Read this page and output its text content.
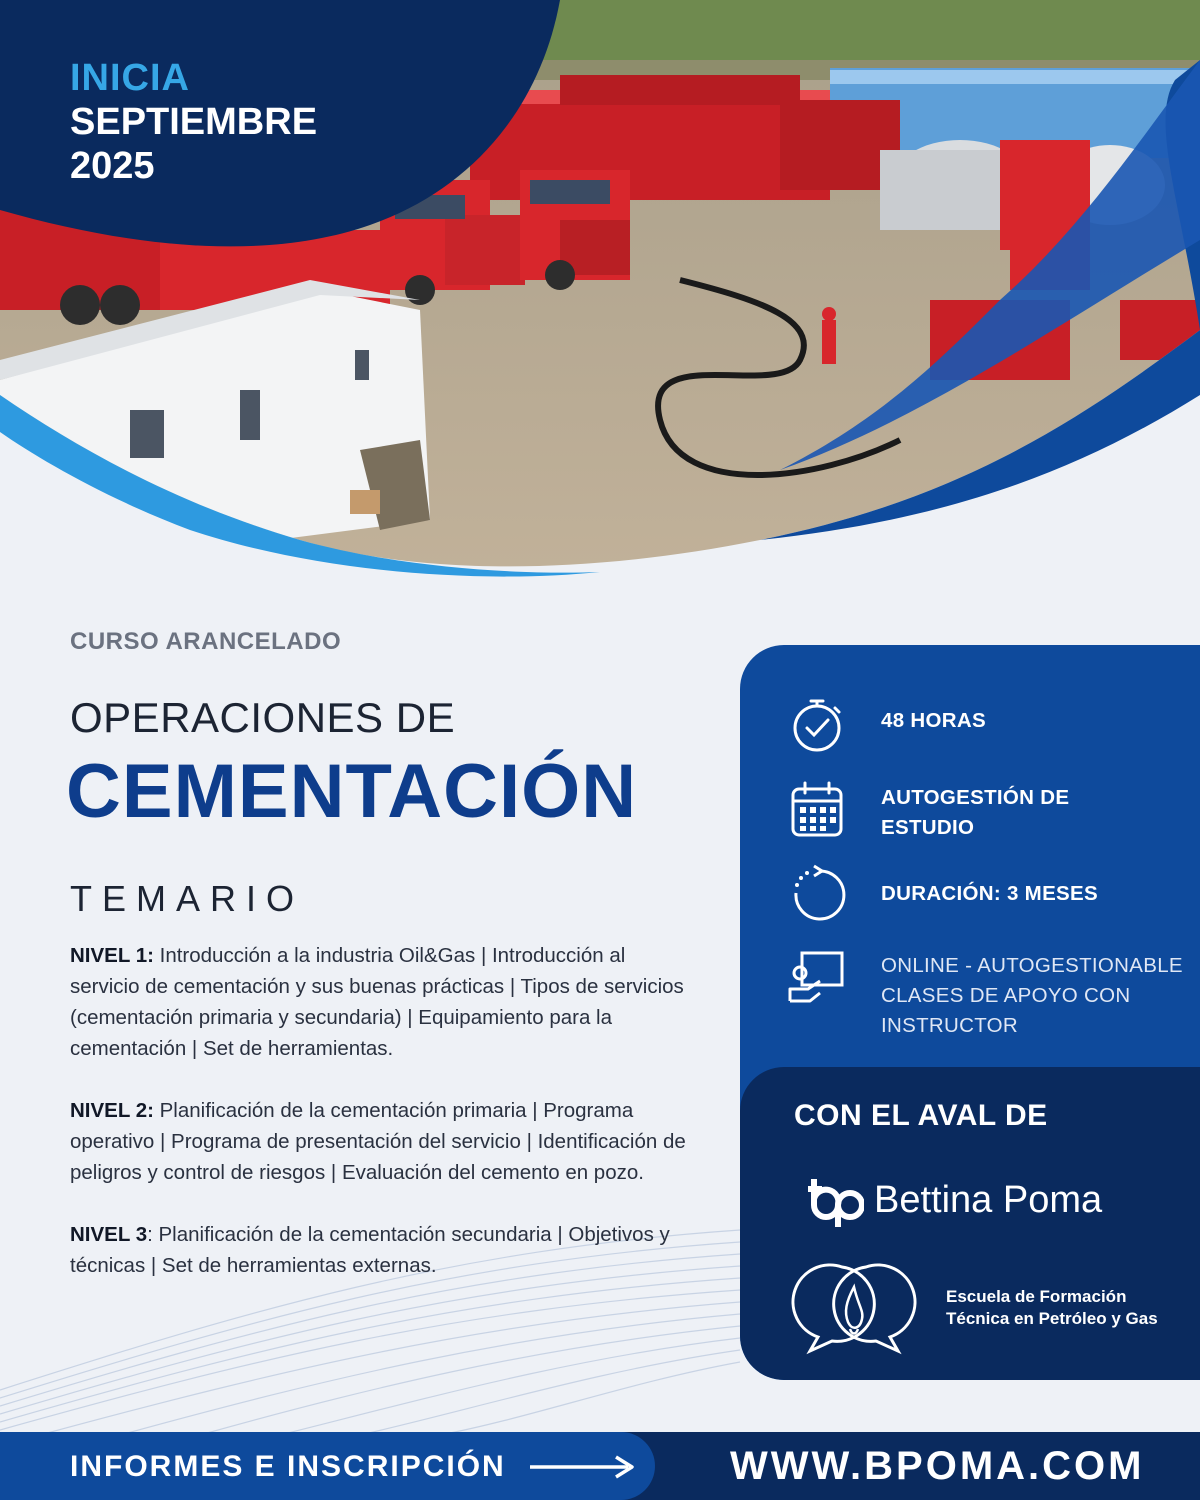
INICIA
SEPTIEMBRE
2025
CURSO ARANCELADO
OPERACIONES DE
CEMENTACIÓN
TEMARIO

NIVEL 1: Introducción a la industria Oil&Gas | Introducción al servicio de cementación y sus buenas prácticas | Tipos de servicios (cementación primaria y secundaria) | Equipamiento para la cementación | Set de herramientas.

NIVEL 2: Planificación de la cementación primaria | Programa operativo | Programa de presentación del servicio | Identificación de peligros y control de riesgos | Evaluación del cemento en pozo.

NIVEL 3: Planificación de la cementación secundaria | Objetivos y técnicas | Set de herramientas externas.

48 HORAS
AUTOGESTIÓN DE
ESTUDIO
DURACIÓN: 3 MESES
ONLINE - AUTOGESTIONABLE
CLASES DE APOYO CON
INSTRUCTOR
CON EL AVAL DE
Bettina Poma
Escuela de Formación
Técnica en Petróleo y Gas
INFORMES E INSCRIPCIÓN	WWW.BPOMA.COM
